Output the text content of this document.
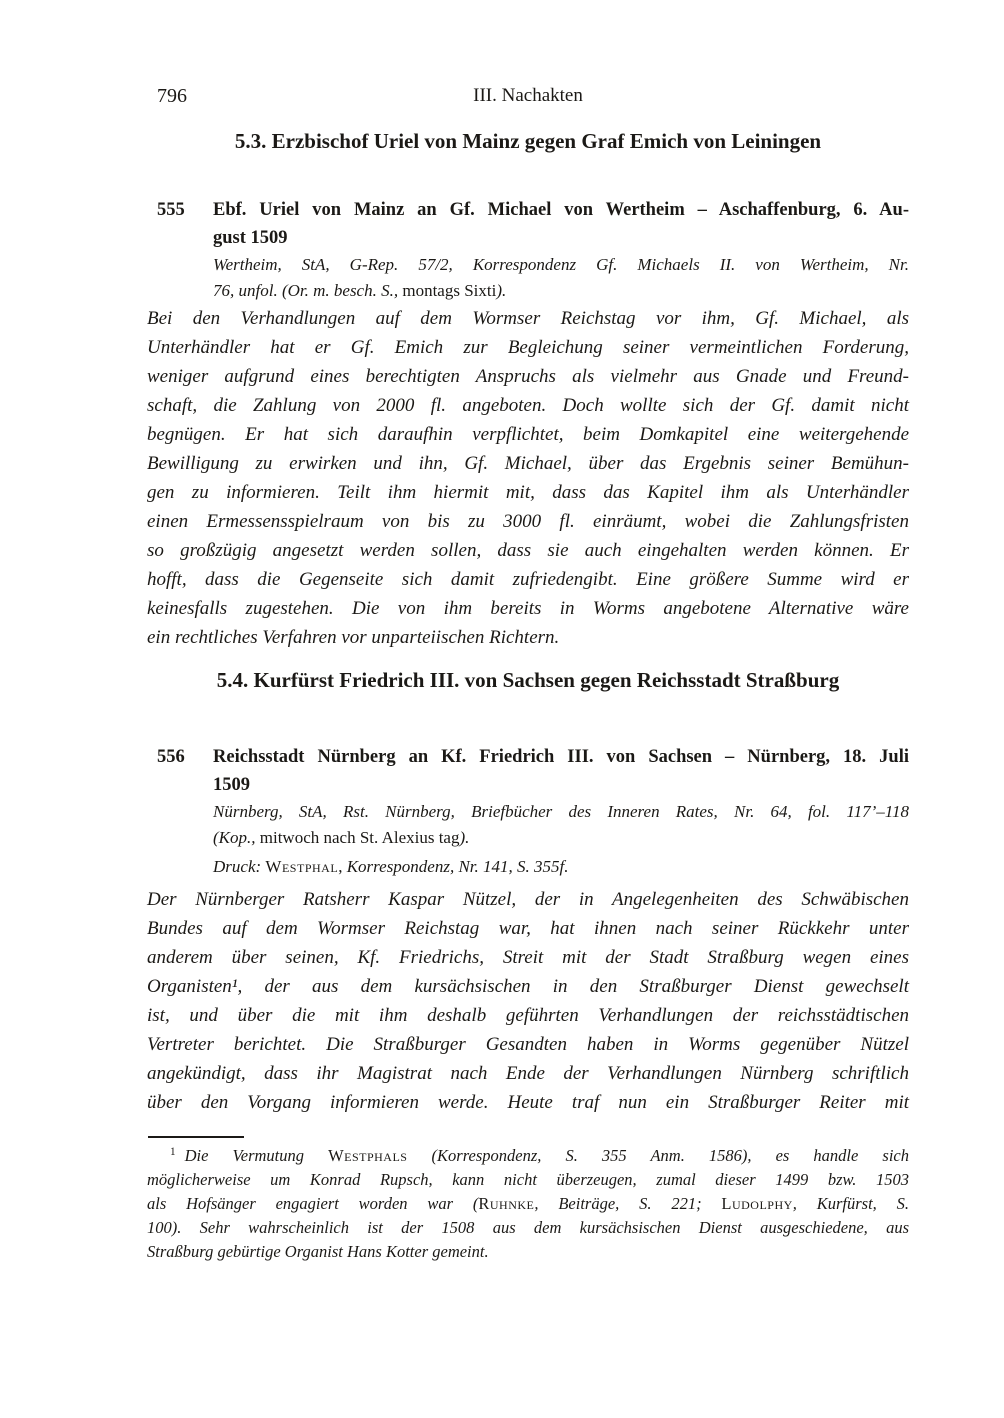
796	III. Nachakten
5.3. Erzbischof Uriel von Mainz gegen Graf Emich von Leiningen
555	Ebf. Uriel von Mainz an Gf. Michael von Wertheim – Aschaffenburg, 6. Au-
gust 1509
Wertheim, StA, G-Rep. 57/2, Korrespondenz Gf. Michaels II. von Wertheim, Nr.
76, unfol. (Or. m. besch. S., montags Sixti).
Bei den Verhandlungen auf dem Wormser Reichstag vor ihm, Gf. Michael, als
Unterhändler hat er Gf. Emich zur Begleichung seiner vermeintlichen Forderung,
weniger aufgrund eines berechtigten Anspruchs als vielmehr aus Gnade und Freund-
schaft, die Zahlung von 2000 fl. angeboten. Doch wollte sich der Gf. damit nicht
begnügen. Er hat sich daraufhin verpflichtet, beim Domkapitel eine weitergehende
Bewilligung zu erwirken und ihn, Gf. Michael, über das Ergebnis seiner Bemühun-
gen zu informieren. Teilt ihm hiermit mit, dass das Kapitel ihm als Unterhändler
einen Ermessensspielraum von bis zu 3000 fl. einräumt, wobei die Zahlungsfristen
so großzügig angesetzt werden sollen, dass sie auch eingehalten werden können. Er
hofft, dass die Gegenseite sich damit zufriedengibt. Eine größere Summe wird er
keinesfalls zugestehen. Die von ihm bereits in Worms angebotene Alternative wäre
ein rechtliches Verfahren vor unparteiischen Richtern.
5.4. Kurfürst Friedrich III. von Sachsen gegen Reichsstadt Straßburg
556	Reichsstadt Nürnberg an Kf. Friedrich III. von Sachsen – Nürnberg, 18. Juli
1509
Nürnberg, StA, Rst. Nürnberg, Briefbücher des Inneren Rates, Nr. 64, fol. 117’–118
(Kop., mitwoch nach St. Alexius tag).
Druck: Westphal, Korrespondenz, Nr. 141, S. 355f.
Der Nürnberger Ratsherr Kaspar Nützel, der in Angelegenheiten des Schwäbischen
Bundes auf dem Wormser Reichstag war, hat ihnen nach seiner Rückkehr unter
anderem über seinen, Kf. Friedrichs, Streit mit der Stadt Straßburg wegen eines
Organisten¹, der aus dem kursächsischen in den Straßburger Dienst gewechselt
ist, und über die mit ihm deshalb geführten Verhandlungen der reichsstädtischen
Vertreter berichtet. Die Straßburger Gesandten haben in Worms gegenüber Nützel
angekündigt, dass ihr Magistrat nach Ende der Verhandlungen Nürnberg schriftlich
über den Vorgang informieren werde. Heute traf nun ein Straßburger Reiter mit
$^1$ Die Vermutung Westphals (Korrespondenz, S. 355 Anm. 1586), es handle sich
möglicherweise um Konrad Rupsch, kann nicht überzeugen, zumal dieser 1499 bzw. 1503
als Hofsänger engagiert worden war (Ruhnke, Beiträge, S. 221; Ludolphy, Kurfürst, S.
100). Sehr wahrscheinlich ist der 1508 aus dem kursächsischen Dienst ausgeschiedene, aus
Straßburg gebürtige Organist Hans Kotter gemeint.
